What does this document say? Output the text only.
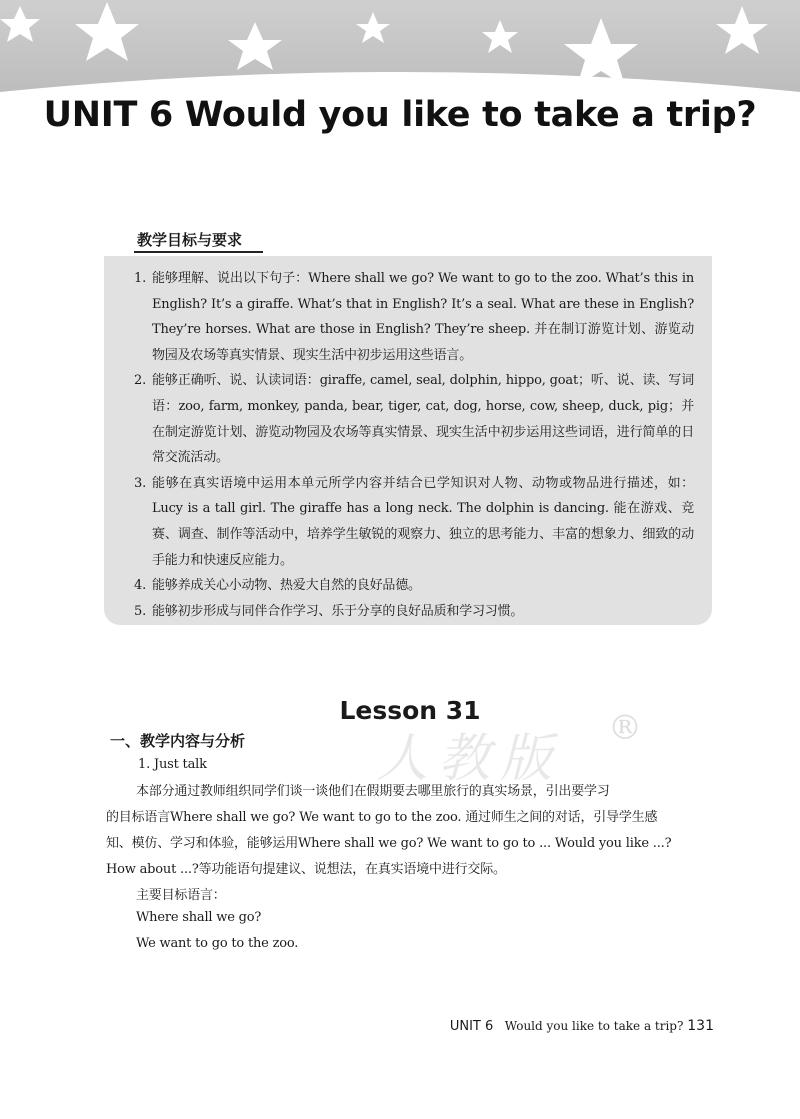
UNIT 6 Would you like to take a trip?
教学目标与要求
1. 能够理解、说出以下句子：Where shall we go? We want to go to the zoo. What’s this in English? It’s a giraffe. What’s that in English? It’s a seal. What are these in English? They’re horses. What are those in English? They’re sheep. 并在制订游览计划、游览动物园及农场等真实情景、现实生活中初步运用这些语言。
2. 能够正确听、说、认读词语：giraffe, camel, seal, dolphin, hippo, goat；听、说、读、写词语：zoo, farm, monkey, panda, bear, tiger, cat, dog, horse, cow, sheep, duck, pig；并在制定游览计划、游览动物园及农场等真实情景、现实生活中初步运用这些词语，进行简单的日常交流活动。
3. 能够在真实语境中运用本单元所学内容并结合已学知识对人物、动物或物品进行描述，如：Lucy is a tall girl. The giraffe has a long neck. The dolphin is dancing. 能在游戏、竞赛、调查、制作等活动中，培养学生敏锐的观察力、独立的思考能力、丰富的想象力、细致的动手能力和快速反应能力。
4. 能够养成关心小动物、热爱大自然的良好品德。
5. 能够初步形成与同伴合作学习、乐于分享的良好品质和学习习惯。
Lesson 31
人教版
®
一、教学内容与分析
1. Just talk
本部分通过教师组织同学们谈一谈他们在假期要去哪里旅行的真实场景，引出要学习
的目标语言Where shall we go? We want to go to the zoo. 通过师生之间的对话，引导学生感
知、模仿、学习和体验，能够运用Where shall we go? We want to go to ... Would you like ...?
How about ...?等功能语句提建议、说想法，在真实语境中进行交际。
主要目标语言：
Where shall we go?
We want to go to the zoo.
UNIT 6 Would you like to take a trip? 131
